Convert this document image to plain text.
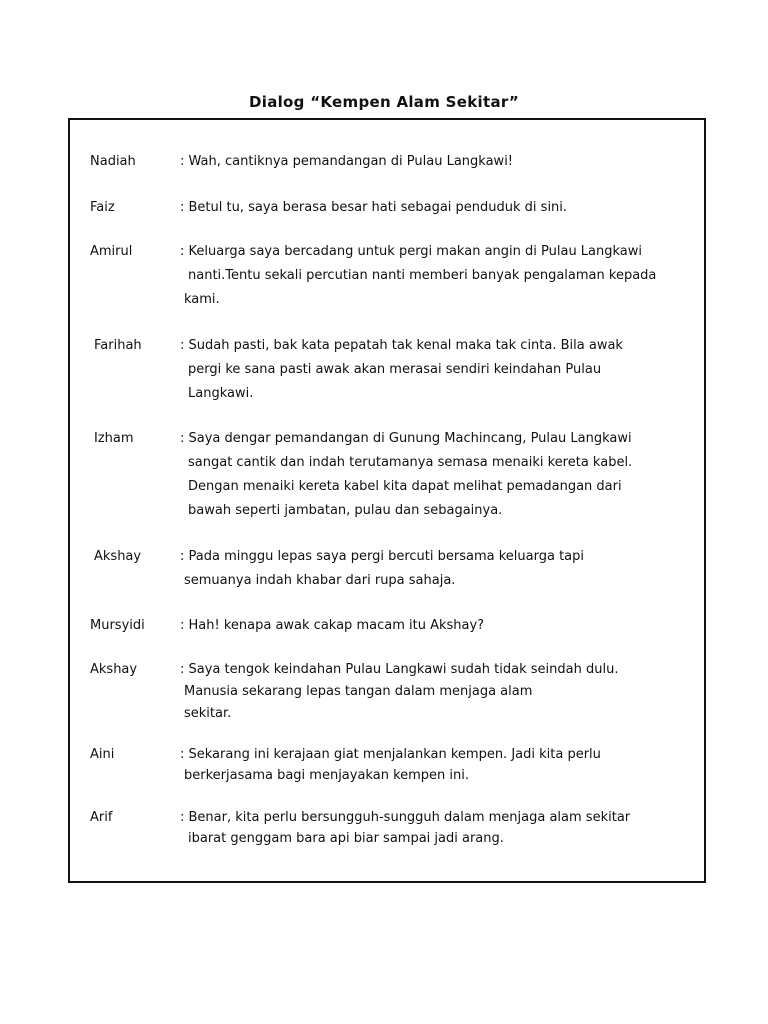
Dialog “Kempen Alam Sekitar”
Nadiah	: Wah, cantiknya pemandangan di Pulau Langkawi!
Faiz	: Betul tu, saya berasa besar hati sebagai penduduk di sini.
Amirul	: Keluarga saya bercadang untuk pergi makan angin di Pulau Langkawi
nanti.Tentu sekali percutian nanti memberi banyak pengalaman kepada
kami.
Farihah	: Sudah pasti, bak kata pepatah tak kenal maka tak cinta. Bila awak
pergi ke sana pasti awak akan merasai sendiri keindahan Pulau
Langkawi.
Izham	: Saya dengar pemandangan di Gunung Machincang, Pulau Langkawi
sangat cantik dan indah terutamanya semasa menaiki kereta kabel.
Dengan menaiki kereta kabel kita dapat melihat pemadangan dari
bawah seperti jambatan, pulau dan sebagainya.
Akshay	: Pada minggu lepas saya pergi bercuti bersama keluarga tapi
semuanya indah khabar dari rupa sahaja.
Mursyidi	: Hah! kenapa awak cakap macam itu Akshay?
Akshay	: Saya tengok keindahan Pulau Langkawi sudah tidak seindah dulu.
Manusia sekarang lepas tangan dalam menjaga alam
sekitar.
Aini	: Sekarang ini kerajaan giat menjalankan kempen. Jadi kita perlu
berkerjasama bagi menjayakan kempen ini.
Arif	: Benar, kita perlu bersungguh-sungguh dalam menjaga alam sekitar
ibarat genggam bara api biar sampai jadi arang.
